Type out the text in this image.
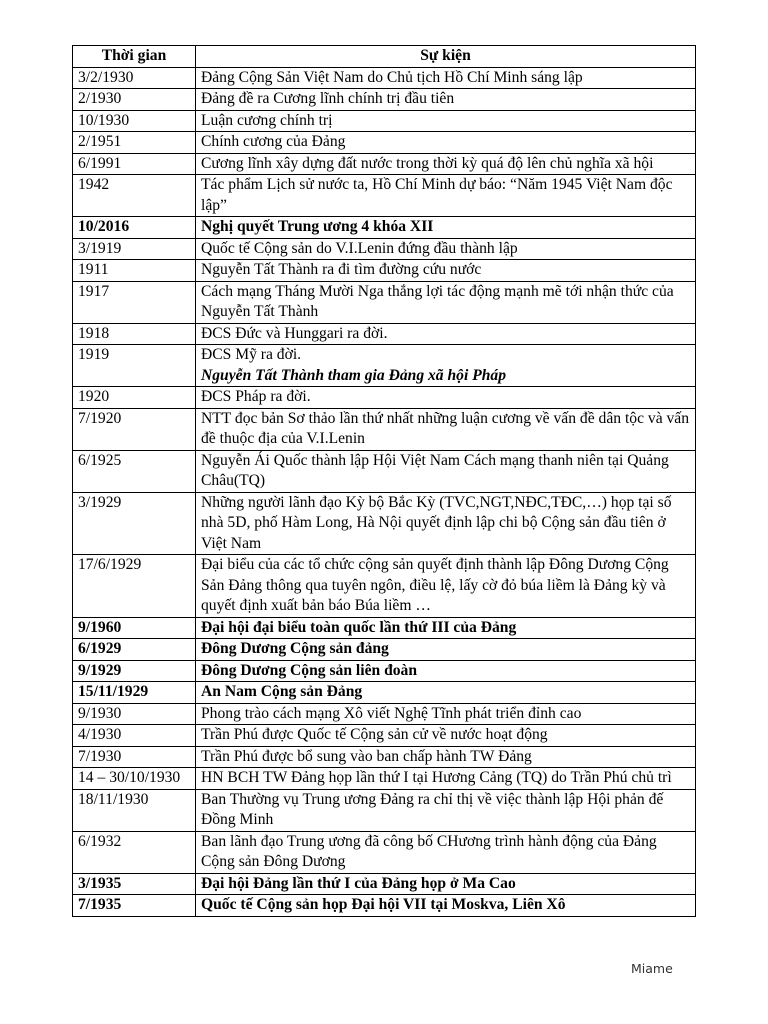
Thời gian	Sự kiện
3/2/1930	Đảng Cộng Sản Việt Nam do Chủ tịch Hồ Chí Minh sáng lập
2/1930	Đảng đề ra Cương lĩnh chính trị đầu tiên
10/1930	Luận cương chính trị
2/1951	Chính cương của Đảng
6/1991	Cương lĩnh xây dựng đất nước trong thời kỳ quá độ lên chủ nghĩa xã hội
1942	Tác phẩm Lịch sử nước ta, Hồ Chí Minh dự báo: “Năm 1945 Việt Nam độc lập”
10/2016	Nghị quyết Trung ương 4 khóa XII
3/1919	Quốc tế Cộng sản do V.I.Lenin đứng đầu thành lập
1911	Nguyễn Tất Thành ra đi tìm đường cứu nước
1917	Cách mạng Tháng Mười Nga thắng lợi tác động mạnh mẽ tới nhận thức của Nguyễn Tất Thành
1918	ĐCS Đức và Hunggari ra đời.
1919	ĐCS Mỹ ra đời.
Nguyễn Tất Thành tham gia Đảng xã hội Pháp

1920	ĐCS Pháp ra đời.
7/1920	NTT đọc bản Sơ thảo lần thứ nhất những luận cương về vấn đề dân tộc và vấn đề thuộc địa của V.I.Lenin
6/1925	Nguyễn Ái Quốc thành lập Hội Việt Nam Cách mạng thanh niên tại Quảng Châu(TQ)
3/1929	Những người lãnh đạo Kỳ bộ Bắc Kỳ (TVC,NGT,NĐC,TĐC,…) họp tại số nhà 5D, phố Hàm Long, Hà Nội quyết định lập chi bộ Cộng sản đầu tiên ở Việt Nam
17/6/1929	Đại biểu của các tổ chức cộng sản quyết định thành lập Đông Dương Cộng Sản Đảng thông qua tuyên ngôn, điều lệ, lấy cờ đỏ búa liềm là Đảng kỳ và quyết định xuất bản báo Búa liềm …
9/1960	Đại hội đại biểu toàn quốc lần thứ III của Đảng
6/1929	Đông Dương Cộng sản đảng
9/1929	Đông Dương Cộng sản liên đoàn
15/11/1929	An Nam Cộng sản Đảng
9/1930	Phong trào cách mạng Xô viết Nghệ Tĩnh phát triển đỉnh cao
4/1930	Trần Phú được Quốc tế Cộng sản cử về nước hoạt động
7/1930	Trần Phú được bổ sung vào ban chấp hành TW Đảng
14 – 30/10/1930	HN BCH TW Đảng họp lần thứ I tại Hương Cảng (TQ) do Trần Phú chủ trì
18/11/1930	Ban Thường vụ Trung ương Đảng ra chỉ thị về việc thành lập Hội phản đế Đồng Minh
6/1932	Ban lãnh đạo Trung ương đã công bố CHương trình hành động của Đảng Cộng sản Đông Dương
3/1935	Đại hội Đảng lần thứ I của Đảng họp ở Ma Cao
7/1935	Quốc tế Cộng sản họp Đại hội VII tại Moskva, Liên Xô
Miame
